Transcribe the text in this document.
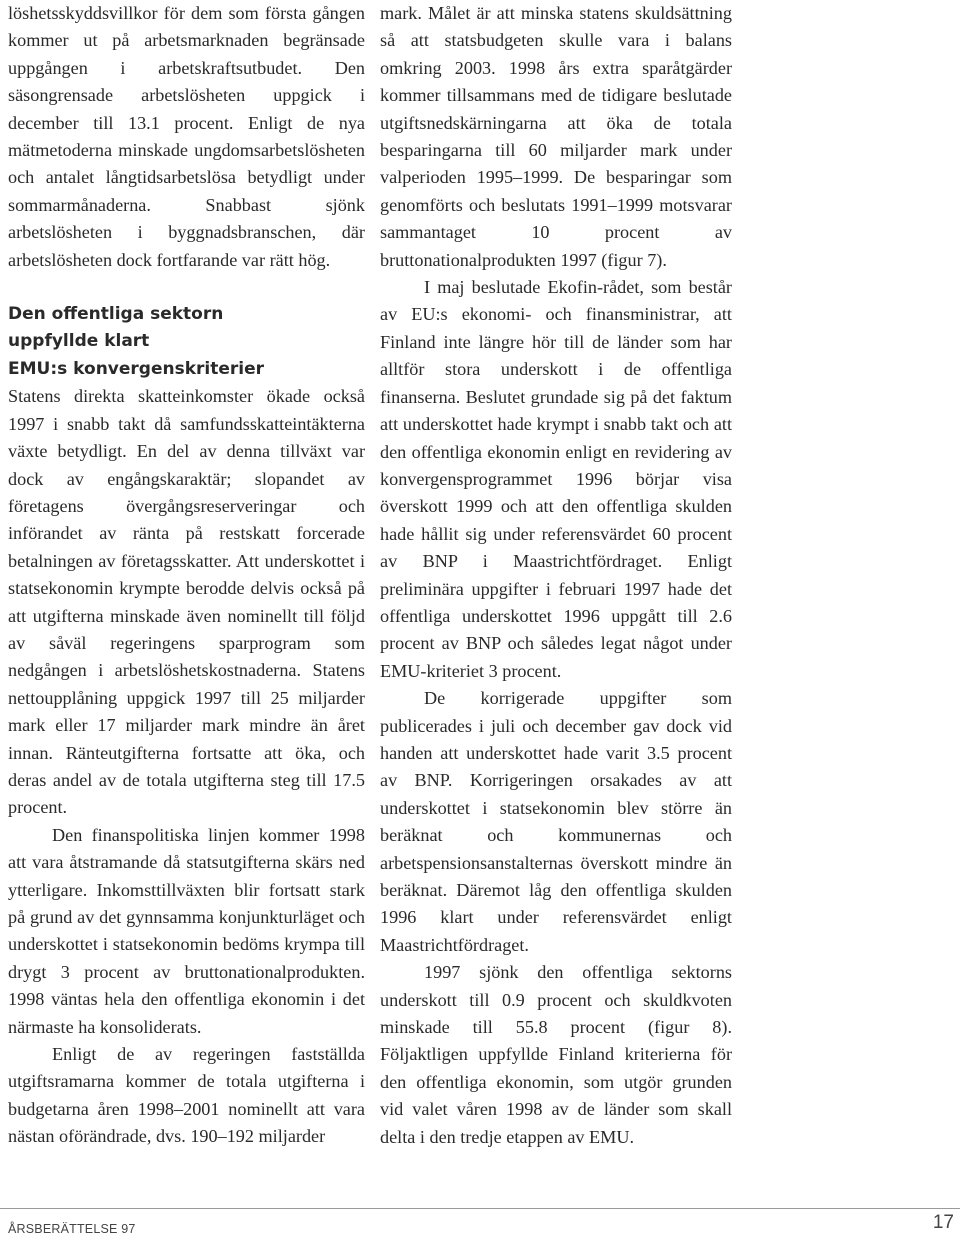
löshetsskyddsvillkor för dem som första gången kommer ut på arbetsmarknaden begränsade uppgången i arbetskraftsutbudet. Den säsongrensade arbetslösheten uppgick i december till 13.1 procent. Enligt de nya mätmetoderna minskade ungdomsarbetslösheten och antalet långtidsarbetslösa betydligt under sommarmånaderna. Snabbast sjönk arbetslösheten i byggnadsbranschen, där arbetslösheten dock fortfarande var rätt hög.

Den offentliga sektorn
uppfyllde klart
EMU:s konvergenskriterier

Statens direkta skatteinkomster ökade också 1997 i snabb takt då samfundsskatteintäkterna växte betydligt. En del av denna tillväxt var dock av engångskaraktär; slopandet av företagens övergångsreserveringar och införandet av ränta på restskatt forcerade betalningen av företagsskatter. Att underskottet i statsekonomin krympte berodde delvis också på att utgifterna minskade även nominellt till följd av såväl regeringens sparprogram som nedgången i arbetslöshetskostnaderna. Statens nettoupplåning uppgick 1997 till 25 miljarder mark eller 17 miljarder mark mindre än året innan. Ränteutgifterna fortsatte att öka, och deras andel av de totala utgifterna steg till 17.5 procent.

Den finanspolitiska linjen kommer 1998 att vara åtstramande då statsutgifterna skärs ned ytterligare. Inkomsttillväxten blir fortsatt stark på grund av det gynnsamma konjunkturläget och underskottet i statsekonomin bedöms krympa till drygt 3 procent av bruttonationalprodukten. 1998 väntas hela den offentliga ekonomin i det närmaste ha konsoliderats.

Enligt de av regeringen fastställda utgiftsramarna kommer de totala utgifterna i budgetarna åren 1998–2001 nominellt att vara nästan oförändrade, dvs. 190–192 miljarder

mark. Målet är att minska statens skuldsättning så att statsbudgeten skulle vara i balans omkring 2003. 1998 års extra sparåtgärder kommer tillsammans med de tidigare beslutade utgiftsnedskärningarna att öka de totala besparingarna till 60 miljarder mark under valperioden 1995–1999. De besparingar som genomförts och beslutats 1991–1999 motsvarar sammantaget 10 procent av bruttonationalprodukten 1997 (figur 7).

I maj beslutade Ekofin-rådet, som består av EU:s ekonomi- och finansministrar, att Finland inte längre hör till de länder som har alltför stora underskott i de offentliga finanserna. Beslutet grundade sig på det faktum att underskottet hade krympt i snabb takt och att den offentliga ekonomin enligt en revidering av konvergensprogrammet 1996 börjar visa överskott 1999 och att den offentliga skulden hade hållit sig under referensvärdet 60 procent av BNP i Maastrichtfördraget. Enligt preliminära uppgifter i februari 1997 hade det offentliga underskottet 1996 uppgått till 2.6 procent av BNP och således legat något under EMU-kriteriet 3 procent.

De korrigerade uppgifter som publicerades i juli och december gav dock vid handen att underskottet hade varit 3.5 procent av BNP. Korrigeringen orsakades av att underskottet i statsekonomin blev större än beräknat och kommunernas och arbetspensionsanstalternas överskott mindre än beräknat. Däremot låg den offentliga skulden 1996 klart under referensvärdet enligt Maastrichtfördraget.

1997 sjönk den offentliga sektorns underskott till 0.9 procent och skuldkvoten minskade till 55.8 procent (figur 8). Följaktligen uppfyllde Finland kriterierna för den offentliga ekonomin, som utgör grunden vid valet våren 1998 av de länder som skall delta i den tredje etappen av EMU.

ÅRSBERÄTTELSE 97	17
